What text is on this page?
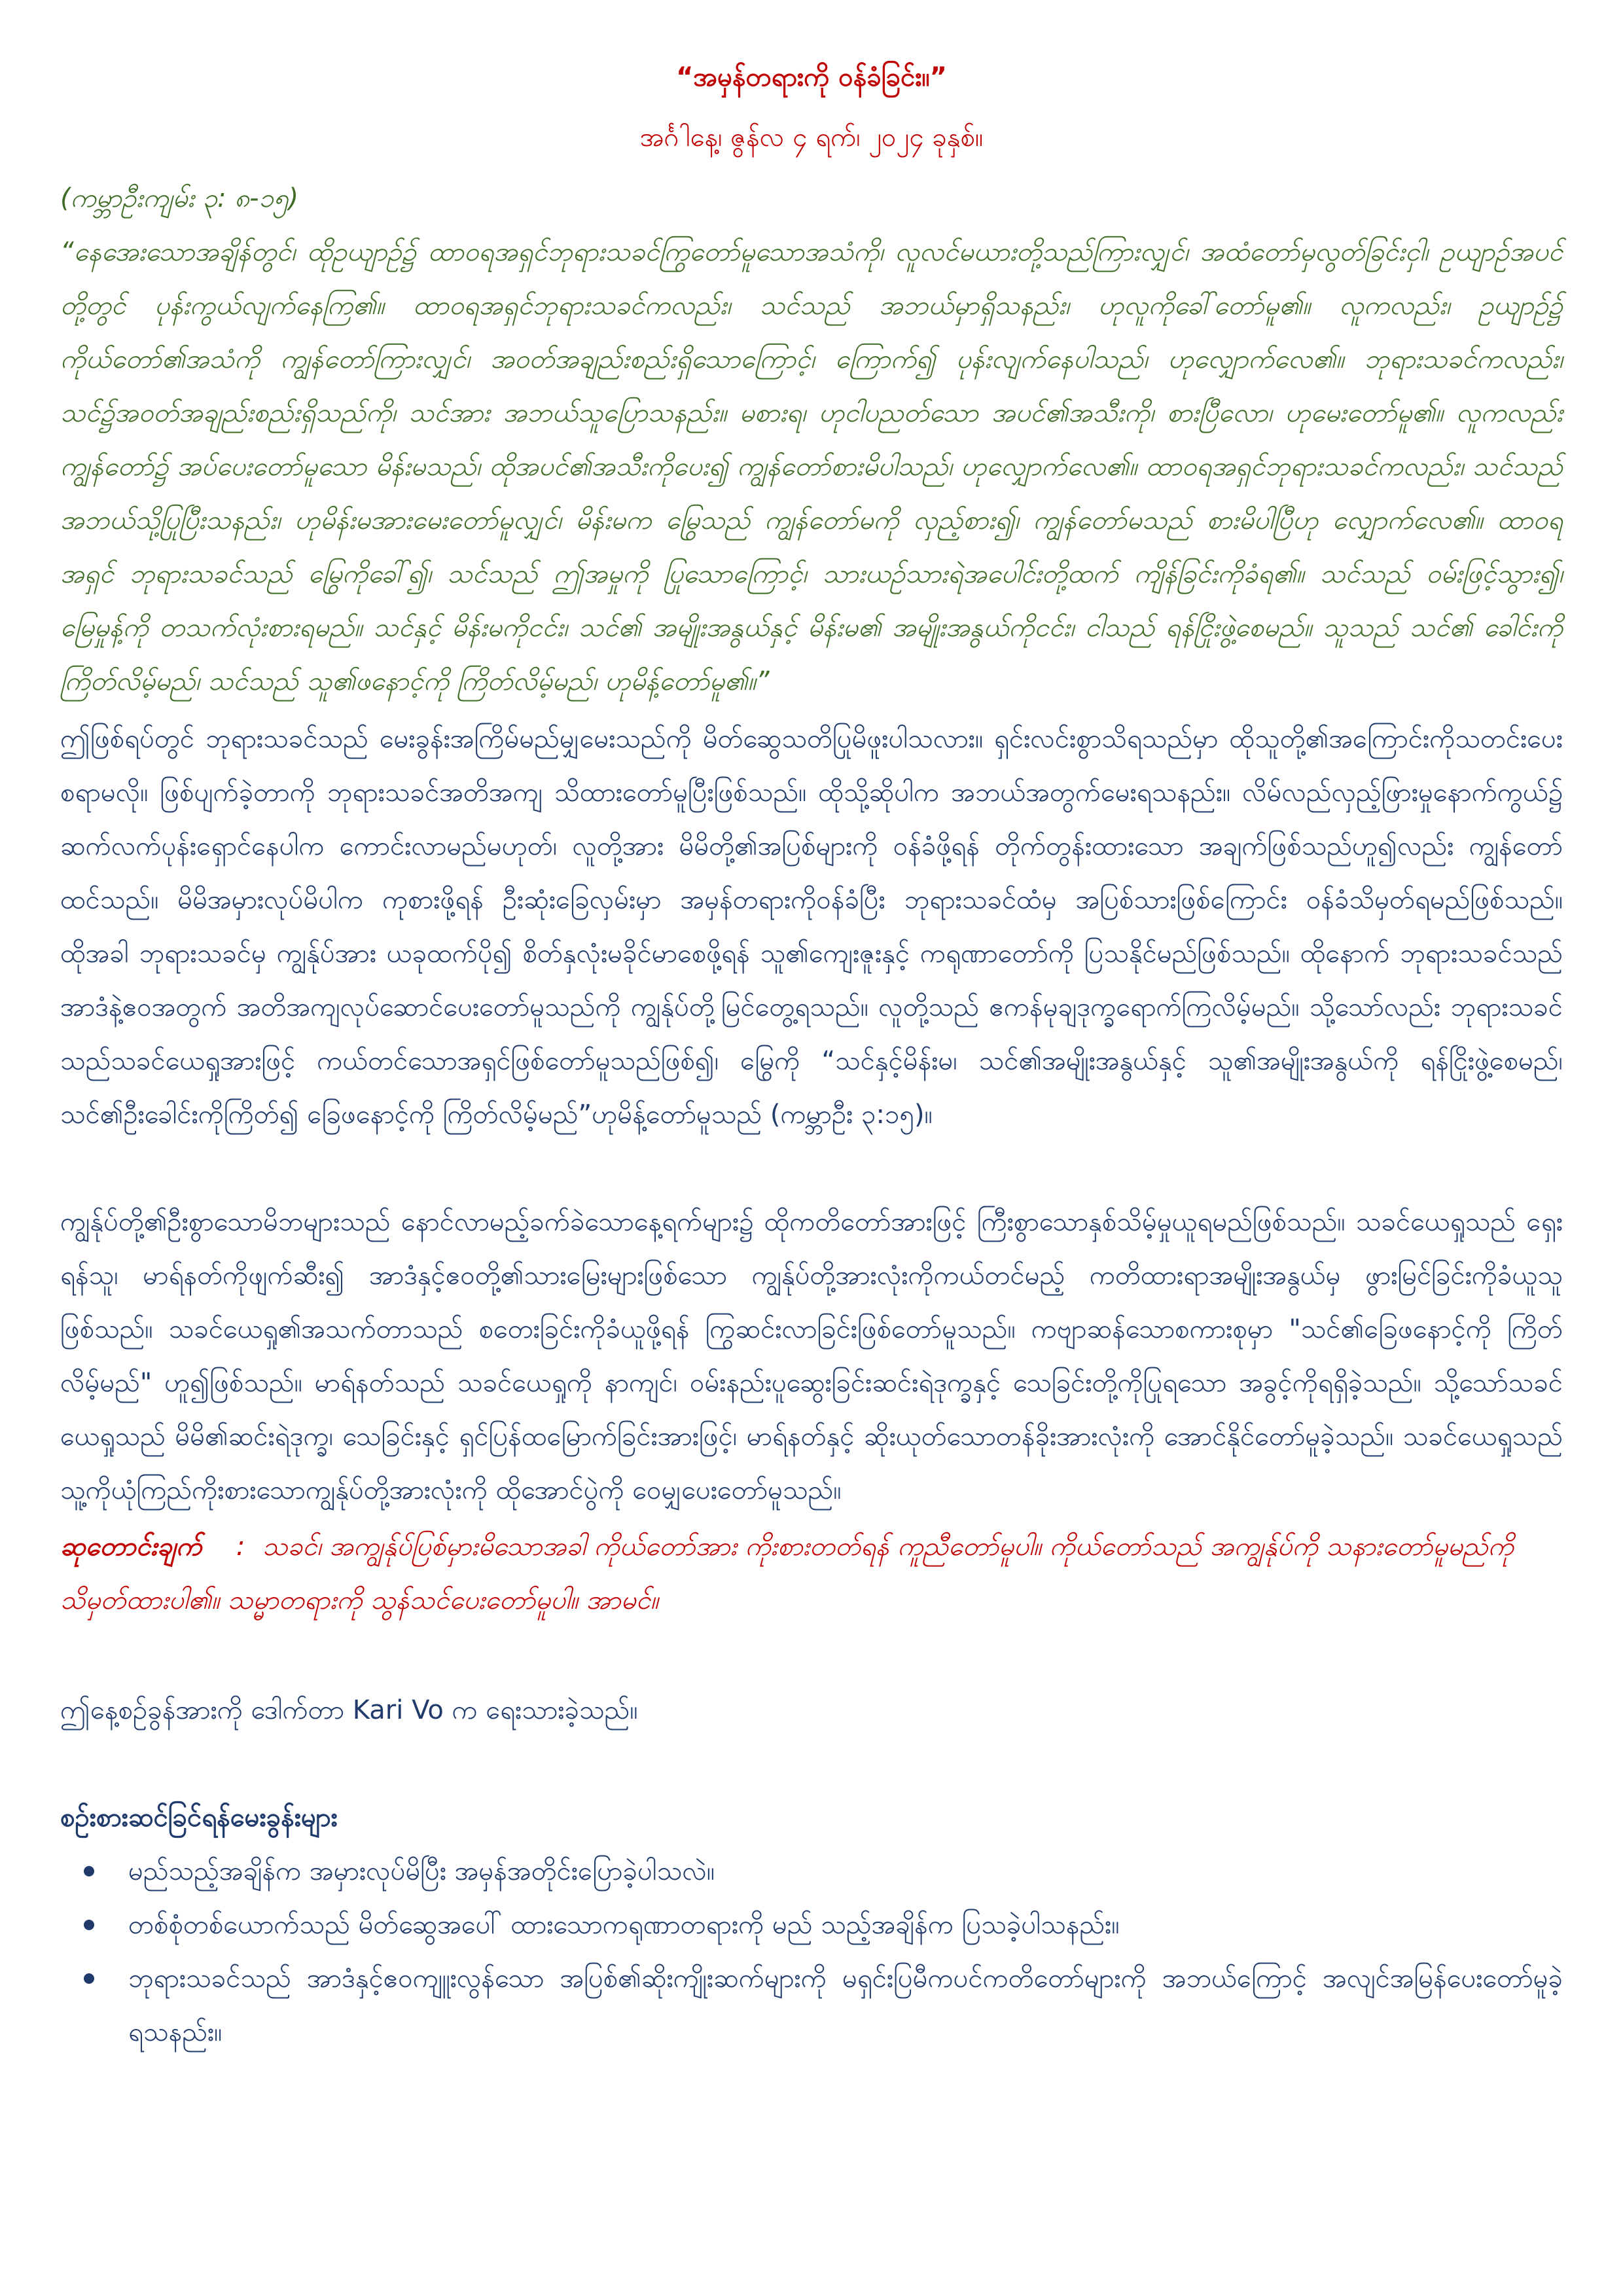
“အမှန်တရားကို ဝန်ခံခြင်း။”
အင်္ဂါနေ့၊ ဇွန်လ ၄ ရက်၊ ၂၀၂၄ ခုနှစ်။
(ကမ္ဘာဦးကျမ်း ၃: ၈-၁၅)
“နေအေးသောအချိန်တွင်၊ ထိုဥယျာဉ်၌ ထာဝရအရှင်ဘုရားသခင်ကြွတော်မူသောအသံကို၊ လူလင်မယားတို့သည်ကြားလျှင်၊ အထံတော်မှလွတ်ခြင်းငှါ၊ ဥယျာဉ်အပင်တို့တွင် ပုန်းကွယ်လျက်နေကြ၏။ ထာဝရအရှင်ဘုရားသခင်ကလည်း၊ သင်သည် အဘယ်မှာရှိသနည်း၊ ဟုလူကိုခေါ်တော်မူ၏။ လူကလည်း၊ ဥယျာဉ်၌ ကိုယ်တော်၏အသံကို ကျွန်တော်ကြားလျှင်၊ အဝတ်အချည်းစည်းရှိသောကြောင့်၊ ကြောက်၍ ပုန်းလျက်နေပါသည်၊ ဟုလျှောက်လေ၏။ ဘုရားသခင်ကလည်း၊ သင်၌အဝတ်အချည်းစည်းရှိသည်ကို၊ သင်အား အဘယ်သူပြောသနည်း။ မစားရ၊ ဟုငါပညတ်သော အပင်၏အသီးကို၊ စားပြီလော၊ ဟုမေးတော်မူ၏။ လူကလည်း ကျွန်တော်၌ အပ်ပေးတော်မူသော မိန်းမသည်၊ ထိုအပင်၏အသီးကိုပေး၍ ကျွန်တော်စားမိပါသည်၊ ဟုလျှောက်လေ၏။ ထာဝရအရှင်ဘုရားသခင်ကလည်း၊ သင်သည် အဘယ်သို့ပြုပြီးသနည်း၊ ဟုမိန်းမအားမေးတော်မူလျှင်၊ မိန်းမက မြွေသည် ကျွန်တော်မကို လှည့်စား၍၊ ကျွန်တော်မသည် စားမိပါပြီဟု လျှောက်လေ၏။ ထာဝရအရှင် ဘုရားသခင်သည် မြွေကိုခေါ်၍၊ သင်သည် ဤအမှုကို ပြုသောကြောင့်၊ သားယဉ်သားရဲအပေါင်းတို့ထက် ကျိန်ခြင်းကိုခံရ၏။ သင်သည် ဝမ်းဖြင့်သွား၍၊ မြေမှုန့်ကို တသက်လုံးစားရမည်။ သင်နှင့် မိန်းမကိုငင်း၊ သင်၏ အမျိုးအနွယ်နှင့် မိန်းမ၏ အမျိုးအနွယ်ကိုငင်း၊ ငါသည် ရန်ငြိုးဖွဲ့စေမည်။ သူသည် သင်၏ ခေါင်းကိုကြိတ်လိမ့်မည်၊ သင်သည် သူ၏ဖနောင့်ကို ကြိတ်လိမ့်မည်၊ ဟုမိန့်တော်မူ၏။”
ဤဖြစ်ရပ်တွင် ဘုရားသခင်သည် မေးခွန်းအကြိမ်မည်မျှမေးသည်ကို မိတ်ဆွေသတိပြုမိဖူးပါသလား။ ရှင်းလင်းစွာသိရသည်မှာ ထိုသူတို့၏အကြောင်းကိုသတင်းပေးစရာမလို။ ဖြစ်ပျက်ခဲ့တာကို ဘုရားသခင်အတိအကျ သိထားတော်မူပြီးဖြစ်သည်။ ထိုသို့ဆိုပါက အဘယ်အတွက်မေးရသနည်း။ လိမ်လည်လှည့်ဖြားမှုနောက်ကွယ်၌ ဆက်လက်ပုန်းရှောင်နေပါက ကောင်းလာမည်မဟုတ်၊ လူတို့အား မိမိတို့၏အပြစ်များကို ဝန်ခံဖို့ရန် တိုက်တွန်းထားသော အချက်ဖြစ်သည်ဟူ၍လည်း ကျွန်တော်ထင်သည်။ မိမိအမှားလုပ်မိပါက ကုစားဖို့ရန် ဦးဆုံးခြေလှမ်းမှာ အမှန်တရားကိုဝန်ခံပြီး ဘုရားသခင်ထံမှ အပြစ်သားဖြစ်ကြောင်း ဝန်ခံသိမှတ်ရမည်ဖြစ်သည်။ ထိုအခါ ဘုရားသခင်မှ ကျွန်ုပ်အား ယခုထက်ပို၍ စိတ်နှလုံးမခိုင်မာစေဖို့ရန် သူ၏ကျေးဇူးနှင့် ကရုဏာတော်ကို ပြသနိုင်မည်ဖြစ်သည်။ ထိုနောက် ဘုရားသခင်သည် အာဒံနဲ့ဧဝအတွက် အတိအကျလုပ်ဆောင်ပေးတော်မူသည်ကို ကျွန်ုပ်တို့မြင်တွေ့ရသည်။ လူတို့သည် ဧကန်မုချဒုက္ခရောက်ကြလိမ့်မည်။ သို့သော်လည်း ဘုရားသခင်သည်သခင်ယေရှုအားဖြင့် ကယ်တင်သောအရှင်ဖြစ်တော်မူသည်ဖြစ်၍၊ မြွေကို “သင်နှင့်မိန်းမ၊ သင်၏အမျိုးအနွယ်နှင့် သူ၏အမျိုးအနွယ်ကို ရန်ငြိုးဖွဲ့စေမည်၊ သင်၏ဦးခေါင်းကိုကြိတ်၍ ခြေဖနောင့်ကို ကြိတ်လိမ့်မည်”ဟုမိန့်တော်မူသည် (ကမ္ဘာဦး ၃:၁၅)။
ကျွန်ုပ်တို့၏ဦးစွာသောမိဘများသည် နောင်လာမည့်ခက်ခဲသောနေ့ရက်များ၌ ထိုကတိတော်အားဖြင့် ကြီးစွာသောနှစ်သိမ့်မှုယူရမည်ဖြစ်သည်။ သခင်ယေရှုသည် ရှေးရန်သူ၊ မာရ်နတ်ကိုဖျက်ဆီး၍ အာဒံနှင့်ဧဝတို့၏သားမြေးများဖြစ်သော ကျွန်ုပ်တို့အားလုံးကိုကယ်တင်မည့် ကတိထားရာအမျိုးအနွယ်မှ ဖွားမြင်ခြင်းကိုခံယူသူဖြစ်သည်။ သခင်ယေရှု၏အသက်တာသည် စတေးခြင်းကိုခံယူဖို့ရန် ကြွဆင်းလာခြင်းဖြစ်တော်မူသည်။ ကဗျာဆန်သောစကားစုမှာ "သင်၏ခြေဖနောင့်ကို ကြိတ်လိမ့်မည်" ဟူ၍ဖြစ်သည်။ မာရ်နတ်သည် သခင်ယေရှုကို နာကျင်၊ ဝမ်းနည်းပူဆွေးခြင်းဆင်းရဲဒုက္ခနှင့် သေခြင်းတို့ကိုပြုရသော အခွင့်ကိုရရှိခဲ့သည်။ သို့သော်သခင်ယေရှုသည် မိမိ၏ဆင်းရဲဒုက္ခ၊ သေခြင်းနှင့် ရှင်ပြန်ထမြောက်ခြင်းအားဖြင့်၊ မာရ်နတ်နှင့် ဆိုးယုတ်သောတန်ခိုးအားလုံးကို အောင်နိုင်တော်မူခဲ့သည်။ သခင်ယေရှုသည် သူ့ကိုယုံကြည်ကိုးစားသောကျွန်ုပ်တို့အားလုံးကို ထိုအောင်ပွဲကို ဝေမျှပေးတော်မူသည်။
ဆုတောင်းချက် : သခင်၊ အကျွန်ုပ်ပြစ်မှားမိသောအခါ ကိုယ်တော်အား ကိုးစားတတ်ရန် ကူညီတော်မူပါ။ ကိုယ်တော်သည် အကျွန်ုပ်ကို သနားတော်မူမည်ကို သိမှတ်ထားပါ၏။ သမ္မာတရားကို သွန်သင်ပေးတော်မူပါ။ အာမင်။
ဤနေ့စဉ်ခွန်အားကို ဒေါက်တာ Kari Vo က ရေးသားခဲ့သည်။
စဉ်းစားဆင်ခြင်ရန်မေးခွန်းများ
မည်သည့်အချိန်က အမှားလုပ်မိပြီး အမှန်အတိုင်းပြောခဲ့ပါသလဲ။
တစ်စုံတစ်ယောက်သည် မိတ်ဆွေအပေါ် ထားသောကရုဏာတရားကို မည် သည့်အချိန်က ပြသခဲ့ပါသနည်း။
ဘုရားသခင်သည် အာဒံနှင့်ဧဝကျူးလွန်သော အပြစ်၏ဆိုးကျိုးဆက်များကို မရှင်းပြမီကပင်ကတိတော်များကို အဘယ်ကြောင့် အလျင်အမြန်ပေးတော်မူခဲ့ရသနည်း။
